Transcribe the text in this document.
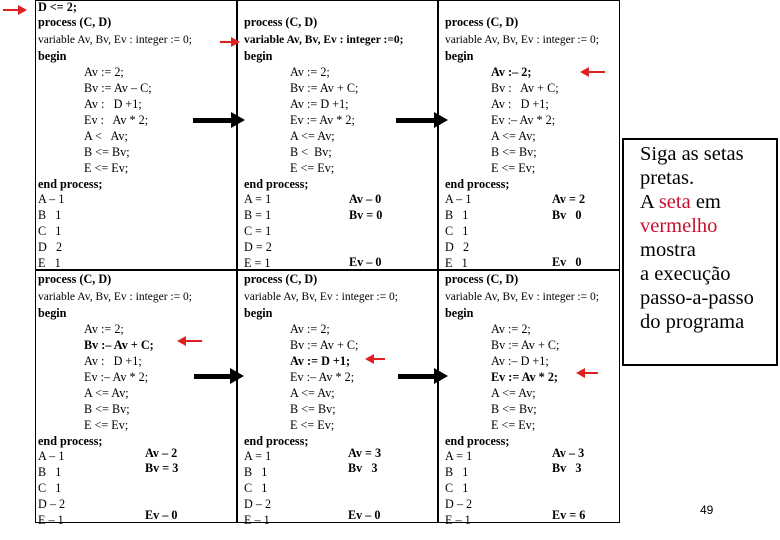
D <= 2;
process (C, D)
variable Av, Bv, Ev : integer := 0;
begin
Av := 2;
Bv := Av – C;
Av :   D +1;
Ev :   Av * 2;
A <   Av;
B <= Bv;
E <= Ev;
end process;
A – 1
B   1
C   1
D   2
E   1
process (C, D)
variable Av, Bv, Ev : integer :=0;
begin
Av := 2;
Bv := Av + C;
Av := D +1;
Ev := Av * 2;
A <= Av;
B <  Bv;
E <= Ev;
end process;
A = 1
B = 1
C = 1
D = 2
E = 1
Av – 0
Bv = 0
Ev – 0
process (C, D)
variable Av, Bv, Ev : integer := 0;
begin
Av :– 2;
Bv :   Av + C;
Av :   D +1;
Ev :– Av * 2;
A <= Av;
B <= Bv;
E <= Ev;
end process;
A – 1
B   1
C   1
D   2
E   1
Av = 2
Bv   0
Ev   0
process (C, D)
variable Av, Bv, Ev : integer := 0;
begin
Av := 2;
Bv :– Av + C;
Av :   D +1;
Ev :– Av * 2;
A <= Av;
B <= Bv;
E <= Ev;
end process;
A – 1
B   1
C   1
D – 2
E – 1
Av – 2
Bv = 3
Ev – 0
process (C, D)
variable Av, Bv, Ev : integer := 0;
begin
Av := 2;
Bv := Av + C;
Av := D +1;
Ev :– Av * 2;
A <= Av;
B <= Bv;
E <= Ev;
end process;
A = 1
B   1
C   1
D – 2
E – 1
Av = 3
Bv   3
Ev – 0
process (C, D)
variable Av, Bv, Ev : integer := 0;
begin
Av := 2;
Bv := Av + C;
Av :– D +1;
Ev := Av * 2;
A <= Av;
B <= Bv;
E <= Ev;
end process;
A = 1
B   1
C   1
D – 2
E – 1
Av – 3
Bv   3
Ev = 6
Siga as setas
pretas.
A seta em
vermelho
mostra
a execução
passo-a-passo
do programa
49
